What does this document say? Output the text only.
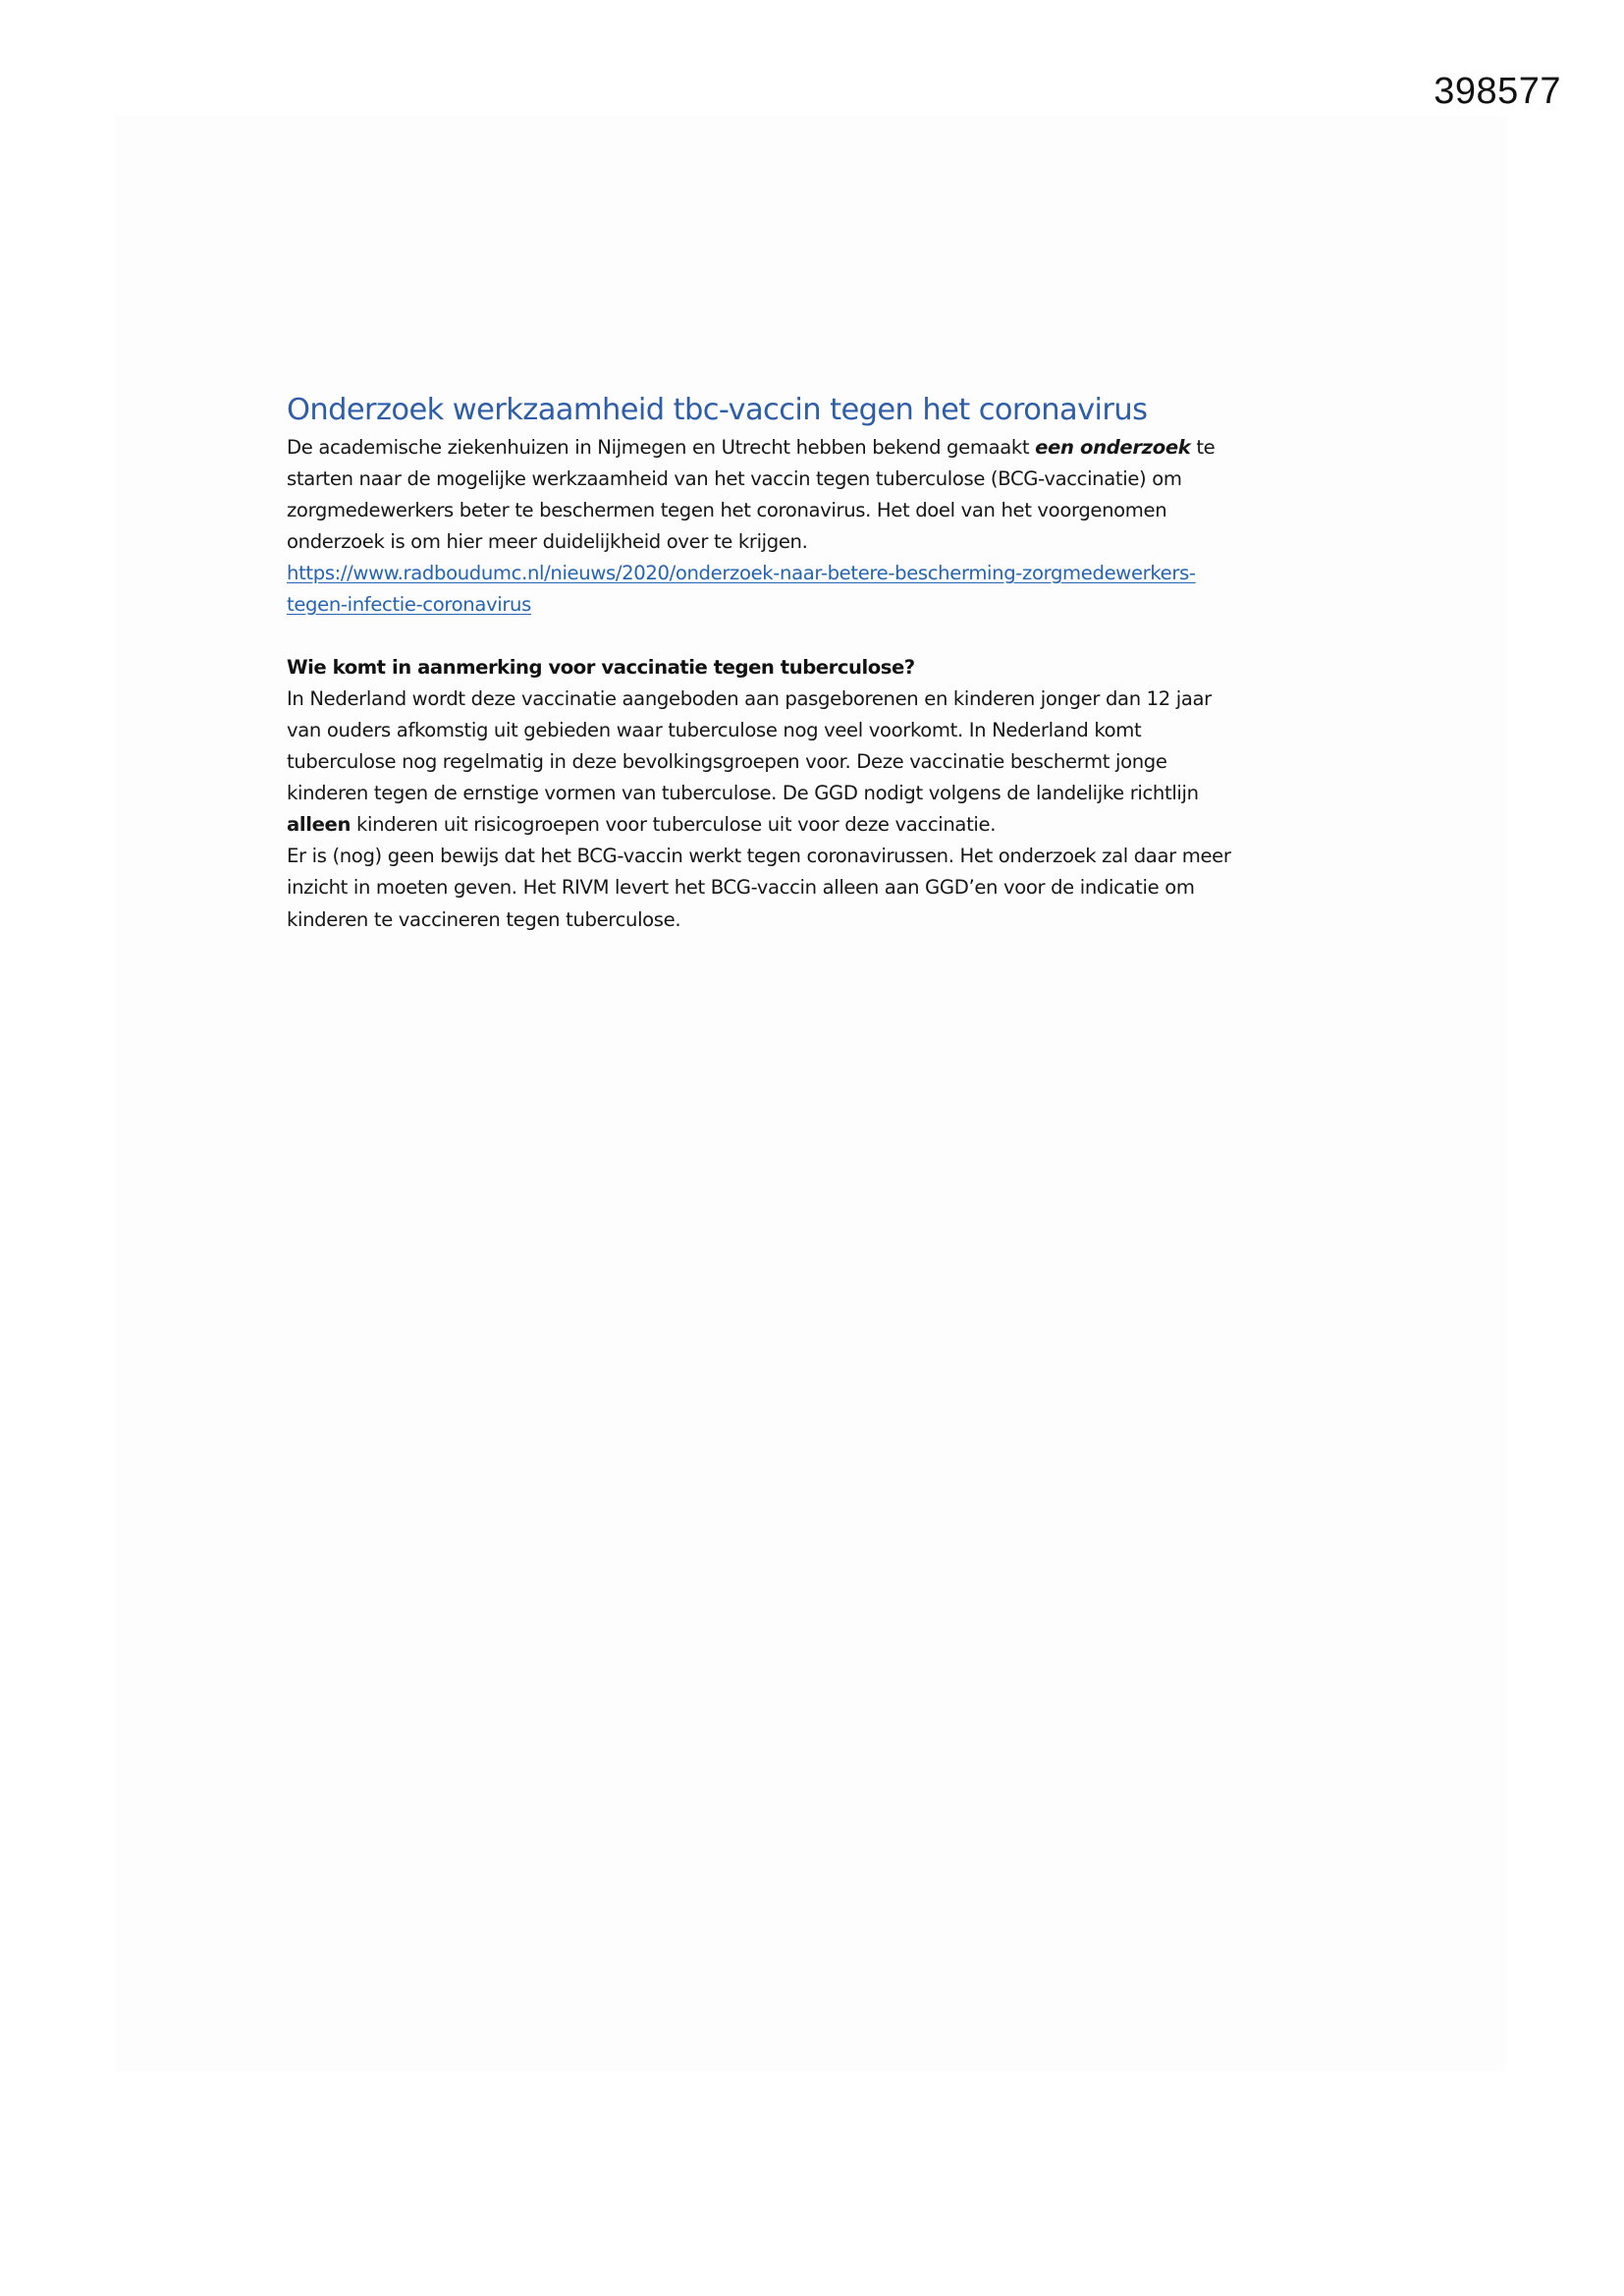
398577
Onderzoek werkzaamheid tbc-vaccin tegen het coronavirus

De academische ziekenhuizen in Nijmegen en Utrecht hebben bekend gemaakt een onderzoek te
starten naar de mogelijke werkzaamheid van het vaccin tegen tuberculose (BCG-vaccinatie) om
zorgmedewerkers beter te beschermen tegen het coronavirus. Het doel van het voorgenomen
onderzoek is om hier meer duidelijkheid over te krijgen.
https://www.radboudumc.nl/nieuws/2020/onderzoek-naar-betere-bescherming-zorgmedewerkers-
tegen-infectie-coronavirus

Wie komt in aanmerking voor vaccinatie tegen tuberculose?

In Nederland wordt deze vaccinatie aangeboden aan pasgeborenen en kinderen jonger dan 12 jaar
van ouders afkomstig uit gebieden waar tuberculose nog veel voorkomt. In Nederland komt
tuberculose nog regelmatig in deze bevolkingsgroepen voor. Deze vaccinatie beschermt jonge
kinderen tegen de ernstige vormen van tuberculose. De GGD nodigt volgens de landelijke richtlijn
alleen kinderen uit risicogroepen voor tuberculose uit voor deze vaccinatie.
Er is (nog) geen bewijs dat het BCG-vaccin werkt tegen coronavirussen. Het onderzoek zal daar meer
inzicht in moeten geven. Het RIVM levert het BCG-vaccin alleen aan GGD’en voor de indicatie om
kinderen te vaccineren tegen tuberculose.
